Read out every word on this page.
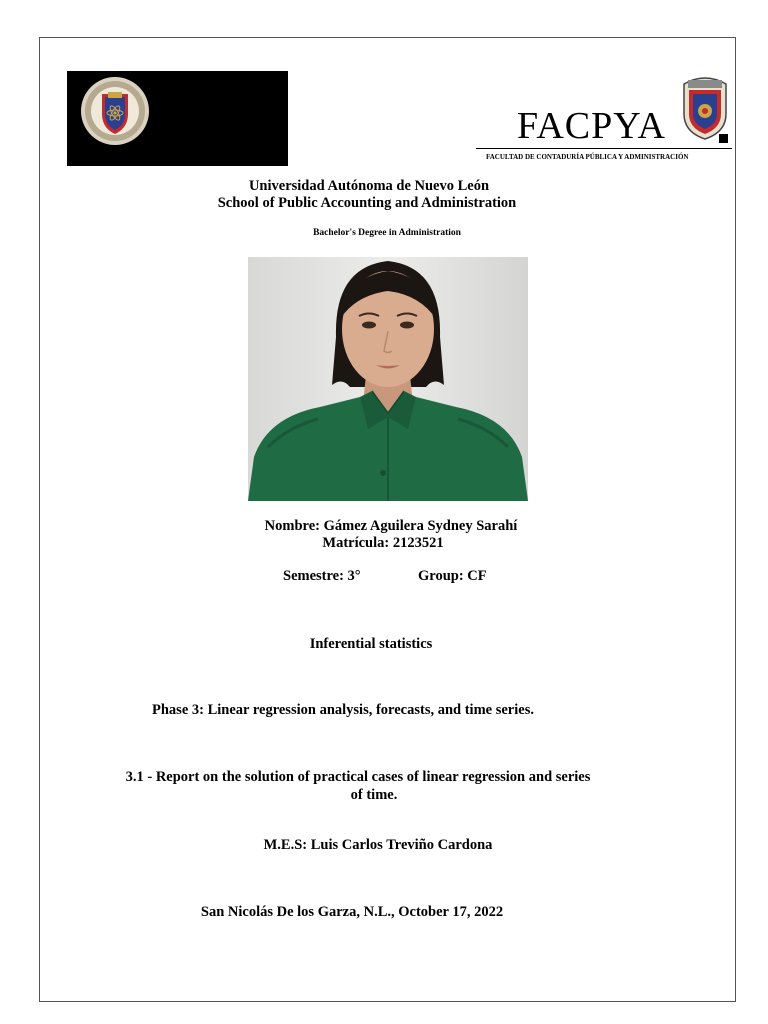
FACPYA
FACULTAD DE CONTADURÍA PÚBLICA Y ADMINISTRACIÓN
Universidad Autónoma de Nuevo León
School of Public Accounting and Administration
Bachelor's Degree in Administration
Nombre: Gámez Aguilera Sydney Sarahí
Matrícula: 2123521
Semestre: 3°	Group: CF
Inferential statistics
Phase 3: Linear regression analysis, forecasts, and time series.
3.1 - Report on the solution of practical cases of linear regression and series
of time.
M.E.S: Luis Carlos Treviño Cardona
San Nicolás De los Garza, N.L., October 17, 2022
